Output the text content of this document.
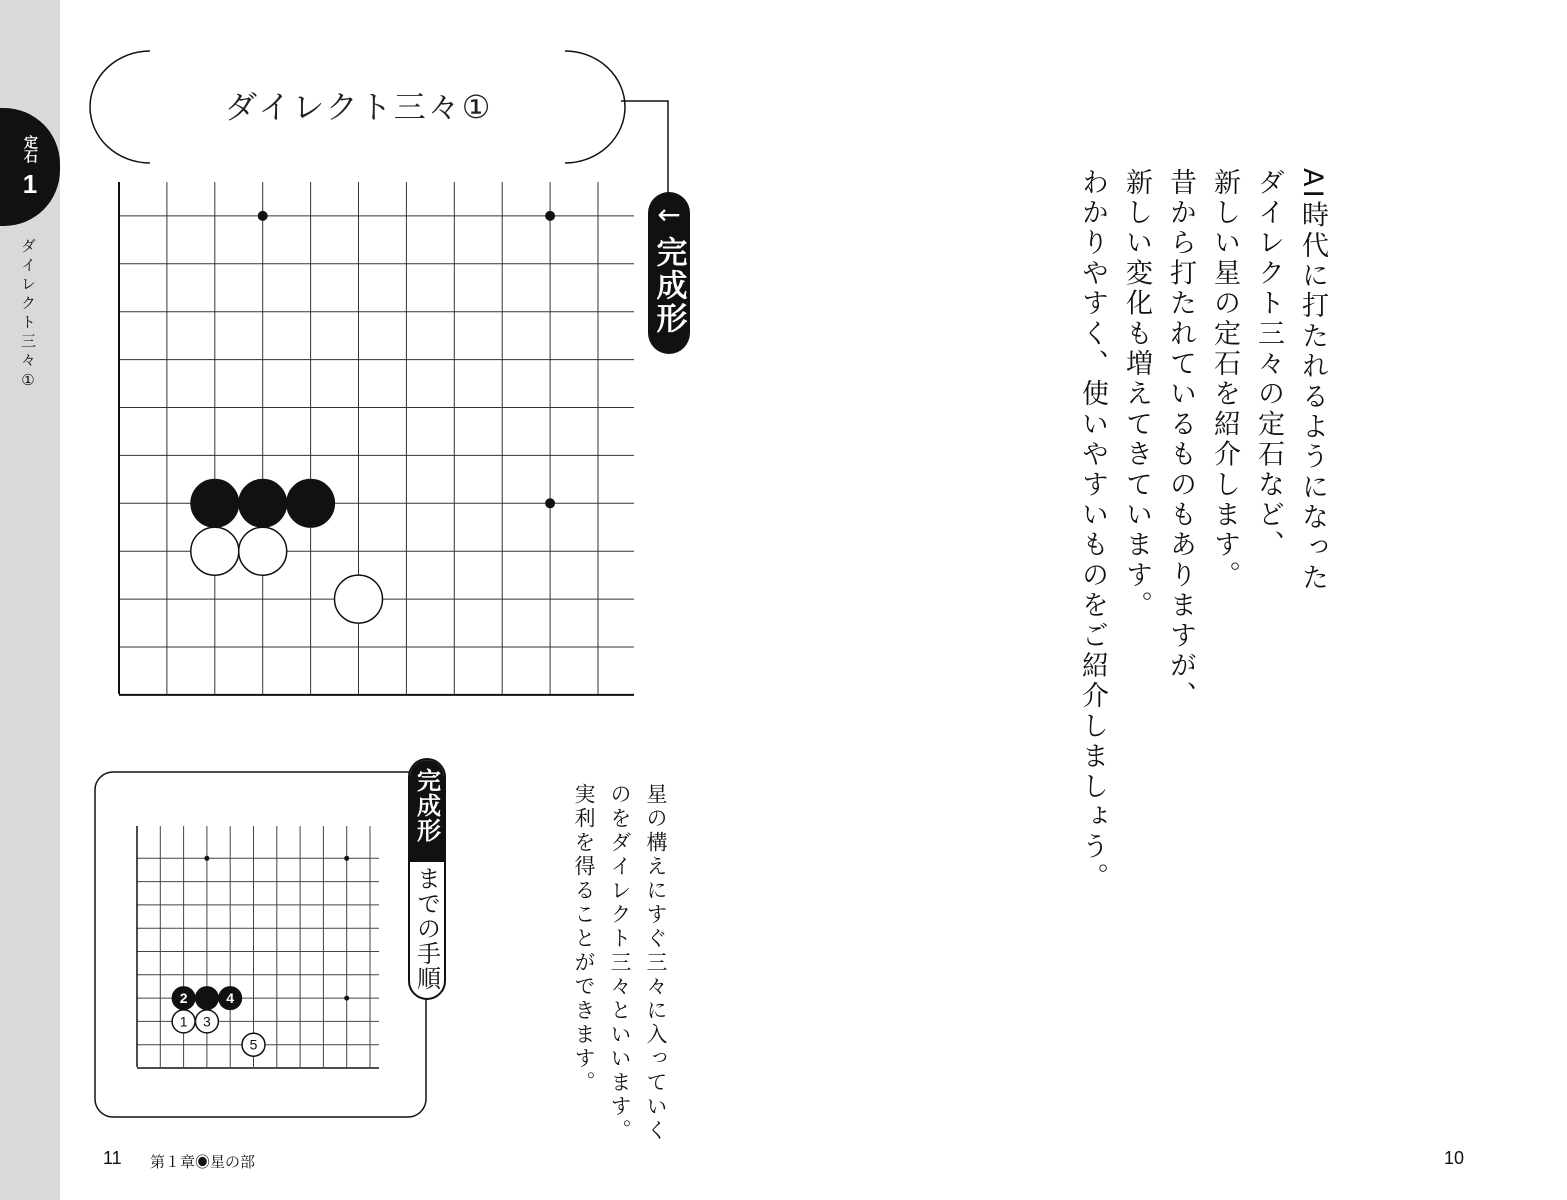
定石
1
ダイレクト三々①
ダイレクト三々①
←
完成形
2	4
1 3
5
完成形
までの手順
AI時代に打たれるようになった
ダイレクト三々の定石など、
新しい星の定石を紹介します。
昔から打たれているものもありますが、
新しい変化も増えてきています。
わかりやすく、使いやすいものをご紹介しましょう。
星の構えにすぐ三々に入っていく
のをダイレクト三々といいます。
実利を得ることができます。
11 第１章◉星の部	10
